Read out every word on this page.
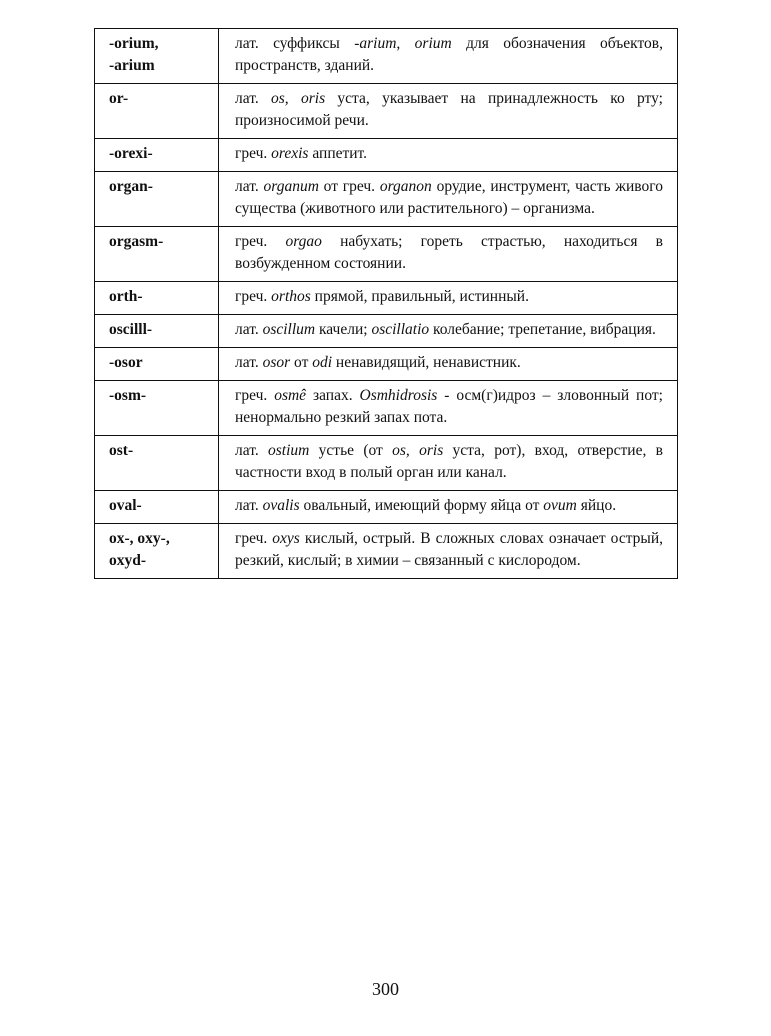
-orium,
-arium	лат. суффиксы -arium, orium для обозначения объектов, пространств, зданий.

or-	лат. os, oris уста, указывает на принадлежность ко рту; произносимой речи.

-orexi-	греч. orexis аппетит.

organ-	лат. organum от греч. organon орудие, инструмент, часть живого существа (животного или растительного) – организма.

orgasm-	греч. orgao набухать; гореть страстью, находиться в возбужденном состоянии.

orth-	греч. orthos прямой, правильный, истинный.

oscilll-	лат. oscillum качели; oscillatio колебание; трепетание, вибрация.

-osor	лат. osor от odi ненавидящий, ненавистник.

-osm-	греч. osmê запах. Osmhidrosis - осм(г)идроз – зловонный пот; ненормально резкий запах пота.

ost-	лат. ostium устье (от os, oris уста, рот), вход, отверстие, в частности вход в полый орган или канал.

oval-	лат. ovalis овальный, имеющий форму яйца от ovum яйцо.

ox-, oxy-,
oxyd-	греч. oxys кислый, острый. В сложных словах означает острый, резкий, кислый; в химии – связанный с кислородом.
300
